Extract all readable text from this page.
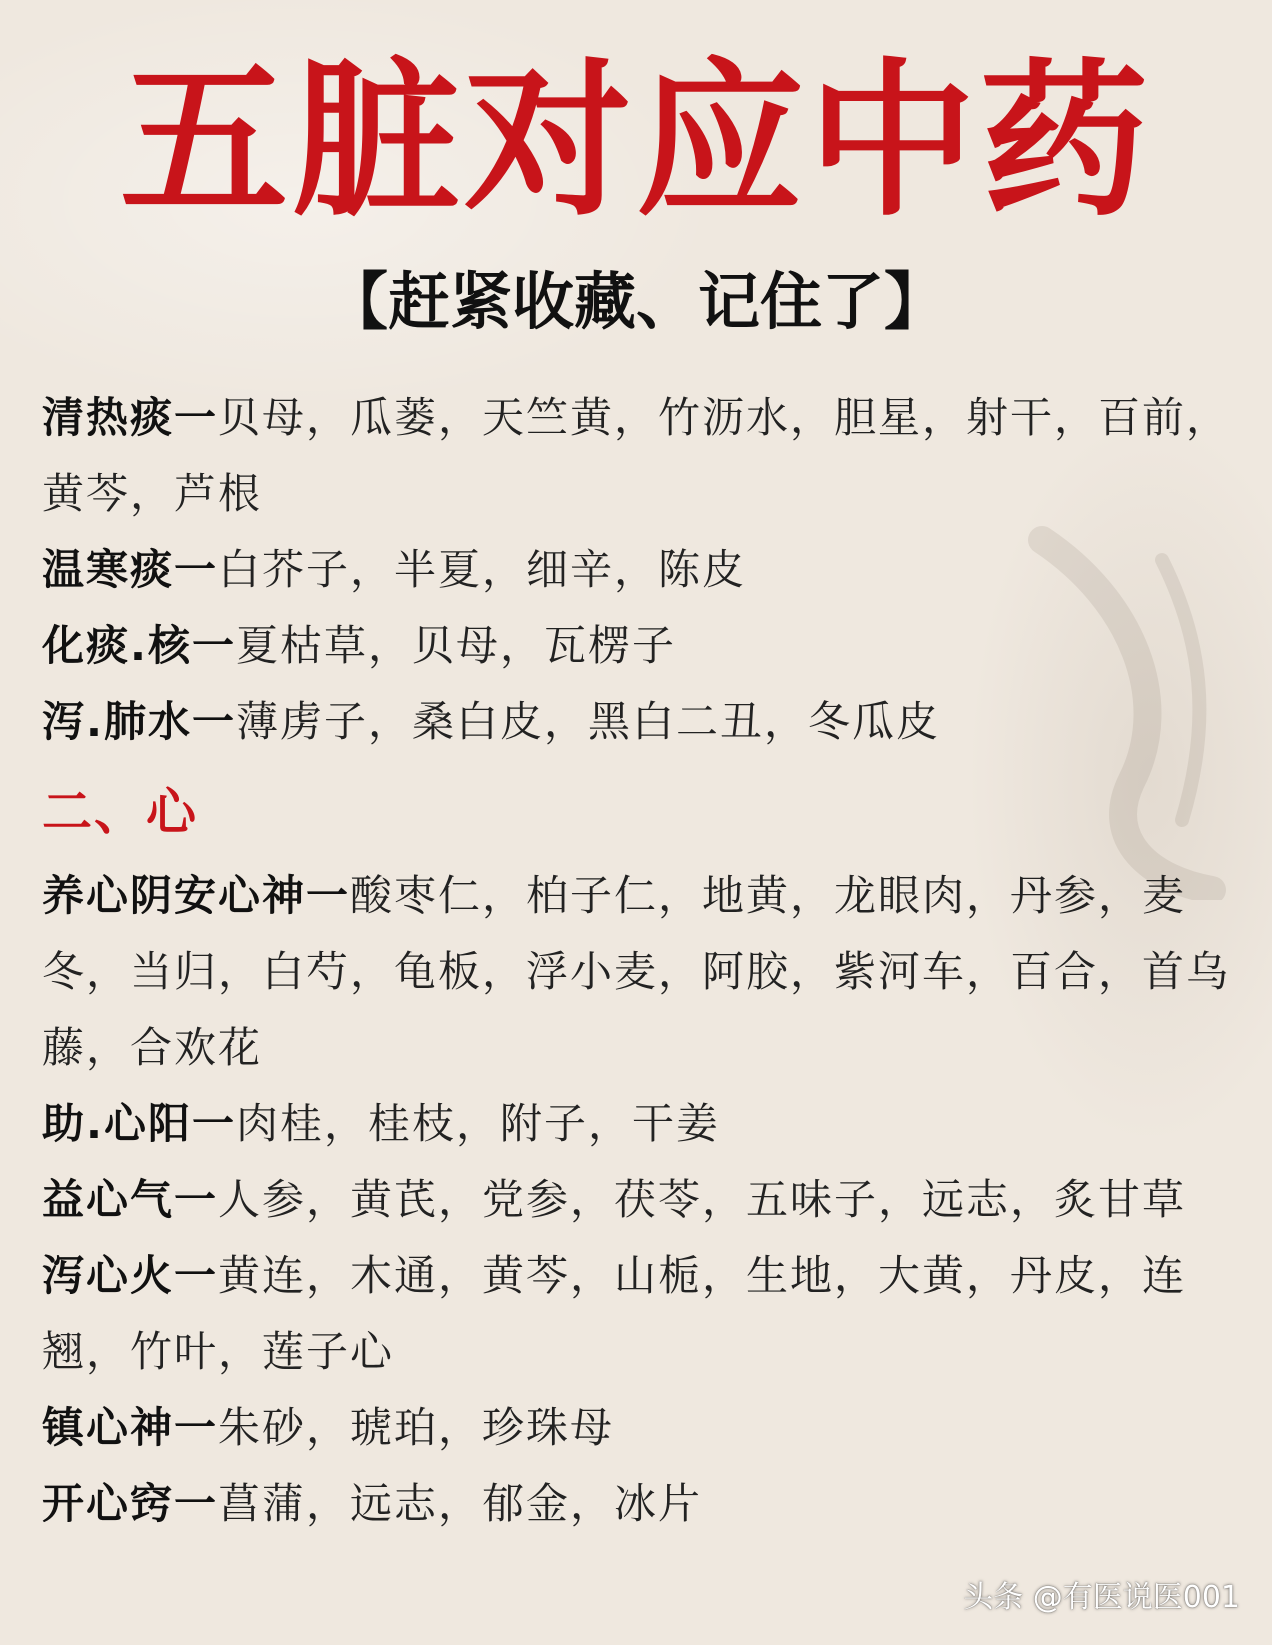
五脏对应中药
【赶紧收藏、记住了】

清热痰一贝母，瓜蒌，天竺黄，竹沥水，胆星，射干，百前，黄芩，芦根

温寒痰一白芥子，半夏，细辛，陈皮

化痰.核一夏枯草，贝母，瓦楞子

泻.肺水一薄虏子，桑白皮，黑白二丑，冬瓜皮

二、心

养心阴安心神一酸枣仁，柏子仁，地黄，龙眼肉，丹参，麦冬，当归，白芍，龟板，浮小麦，阿胶，紫河车，百合，首乌藤，合欢花

助.心阳一肉桂，桂枝，附子，干姜

益心气一人参，黄芪，党参，茯苓，五味子，远志，炙甘草

泻心火一黄连，木通，黄芩，山栀，生地，大黄，丹皮，连翘，竹叶，莲子心

镇心神一朱砂，琥珀，珍珠母

开心窍一菖蒲，远志，郁金，冰片

头条 @有医说医001
